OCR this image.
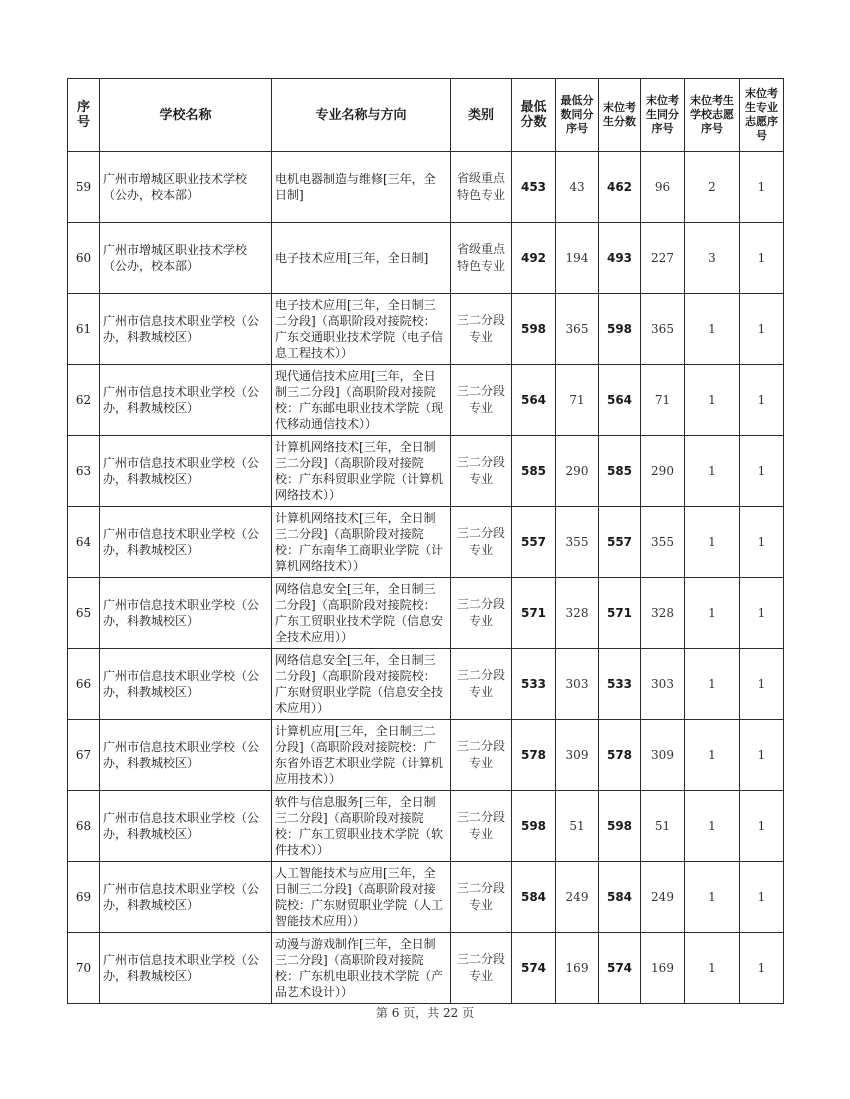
序号	学校名称	专业名称与方向	类别	最低分数	最低分数同分序号	末位考生分数	末位考生同分序号	末位考生学校志愿序号	末位考生专业志愿序号
59	广州市增城区职业技术学校（公办，校本部）	电机电器制造与维修[三年，全日制]	省级重点特色专业	453	43	462	96	2	1
60	广州市增城区职业技术学校（公办，校本部）	电子技术应用[三年，全日制]	省级重点特色专业	492	194	493	227	3	1
61	广州市信息技术职业学校（公办，科教城校区）	电子技术应用[三年，全日制三二分段]（高职阶段对接院校：广东交通职业技术学院（电子信息工程技术））	三二分段专业	598	365	598	365	1	1
62	广州市信息技术职业学校（公办，科教城校区）	现代通信技术应用[三年，全日制三二分段]（高职阶段对接院校：广东邮电职业技术学院（现代移动通信技术））	三二分段专业	564	71	564	71	1	1
63	广州市信息技术职业学校（公办，科教城校区）	计算机网络技术[三年，全日制三二分段]（高职阶段对接院校：广东科贸职业学院（计算机网络技术））	三二分段专业	585	290	585	290	1	1
64	广州市信息技术职业学校（公办，科教城校区）	计算机网络技术[三年，全日制三二分段]（高职阶段对接院校：广东南华工商职业学院（计算机网络技术））	三二分段专业	557	355	557	355	1	1
65	广州市信息技术职业学校（公办，科教城校区）	网络信息安全[三年，全日制三二分段]（高职阶段对接院校：广东工贸职业技术学院（信息安全技术应用））	三二分段专业	571	328	571	328	1	1
66	广州市信息技术职业学校（公办，科教城校区）	网络信息安全[三年，全日制三二分段]（高职阶段对接院校：广东财贸职业学院（信息安全技术应用））	三二分段专业	533	303	533	303	1	1
67	广州市信息技术职业学校（公办，科教城校区）	计算机应用[三年，全日制三二分段]（高职阶段对接院校：广东省外语艺术职业学院（计算机应用技术））	三二分段专业	578	309	578	309	1	1
68	广州市信息技术职业学校（公办，科教城校区）	软件与信息服务[三年，全日制三二分段]（高职阶段对接院校：广东工贸职业技术学院（软件技术））	三二分段专业	598	51	598	51	1	1
69	广州市信息技术职业学校（公办，科教城校区）	人工智能技术与应用[三年，全日制三二分段]（高职阶段对接院校：广东财贸职业学院（人工智能技术应用））	三二分段专业	584	249	584	249	1	1
70	广州市信息技术职业学校（公办，科教城校区）	动漫与游戏制作[三年，全日制三二分段]（高职阶段对接院校：广东机电职业技术学院（产品艺术设计））	三二分段专业	574	169	574	169	1	1
第 6 页，共 22 页
